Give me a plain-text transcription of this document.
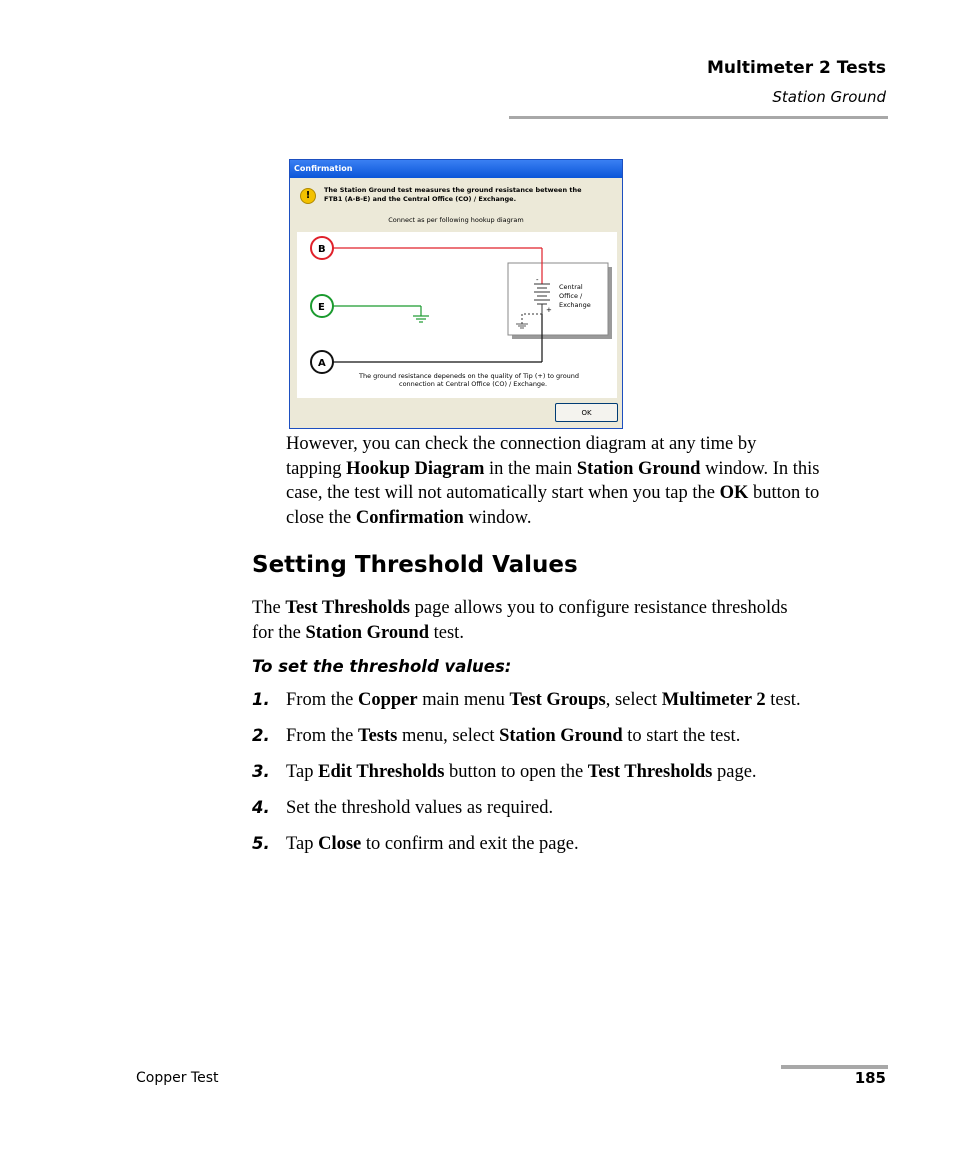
Multimeter 2 Tests
Station Ground
Confirmation
!	The Station Ground test measures the ground resistance between the
FTB1 (A-B-E) and the Central Office (CO) / Exchange.
Connect as per following hookup diagram
-
+
Central
Office /
Exchange
B
E
A
The ground resistance depeneds on the quality of Tip (+) to ground
connection at Central Office (CO) / Exchange.
OK
However, you can check the connection diagram at any time by
tapping Hookup Diagram in the main Station Ground window. In this
case, the test will not automatically start when you tap the OK button to
close the Confirmation window.
Setting Threshold Values
The Test Thresholds page allows you to configure resistance thresholds
for the Station Ground test.
To set the threshold values:
1. From the Copper main menu Test Groups, select Multimeter 2 test.
2. From the Tests menu, select Station Ground to start the test.
3. Tap Edit Thresholds button to open the Test Thresholds page.
4. Set the threshold values as required.
5. Tap Close to confirm and exit the page.
Copper Test	185
